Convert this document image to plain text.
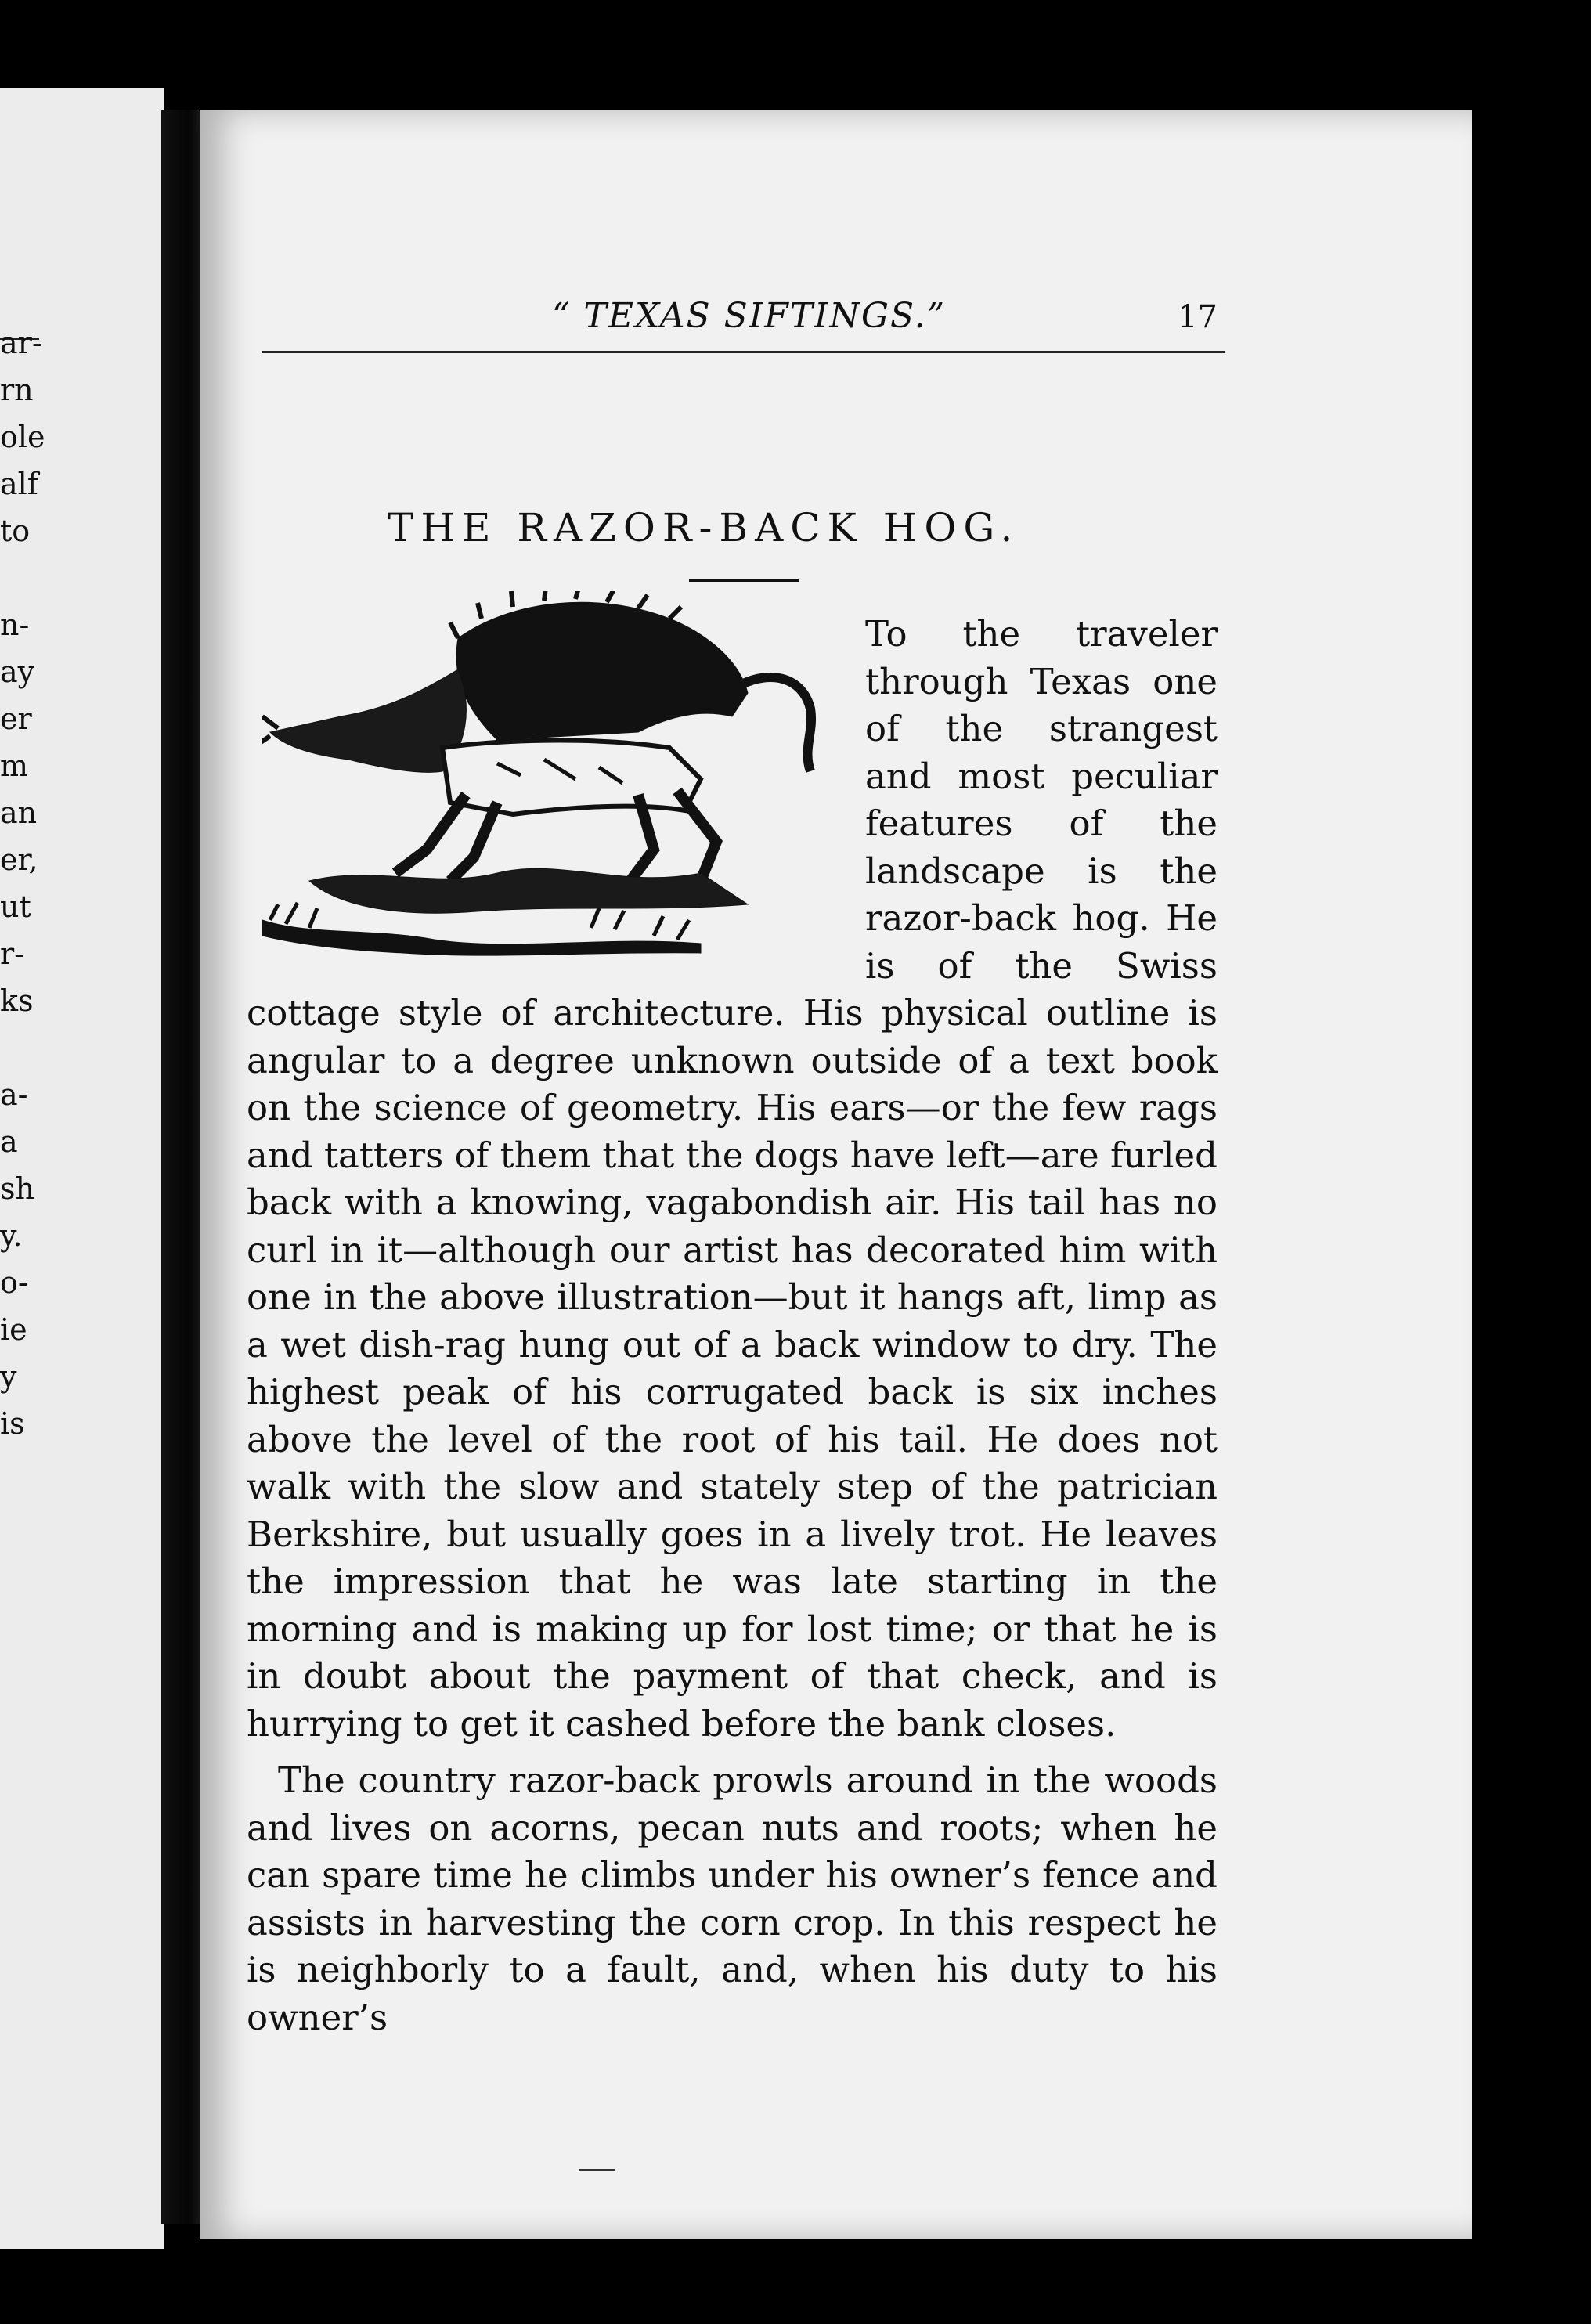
ar-
rn
ole
alf
to
n-
ay
er
m
an
er,
ut
r-
ks
a-
a
sh
y.
o-
ie
y
is
“ TEXAS SIFTINGS.”	17
THE RAZOR-BACK HOG.

To the traveler through Texas one of the strangest and most peculiar features of the landscape is the razor-back hog. He is of the Swiss cottage style of architecture. His physical outline is angular to a degree unknown outside of a text book on the science of geometry. His ears—or the few rags and tatters of them that the dogs have left—are furled back with a knowing, vagabondish air. His tail has no curl in it—although our artist has decorated him with one in the above illustration—but it hangs aft, limp as a wet dish-rag hung out of a back window to dry. The highest peak of his corrugated back is six inches above the level of the root of his tail. He does not walk with the slow and stately step of the patrician Berkshire, but usually goes in a lively trot. He leaves the impression that he was late starting in the morning and is making up for lost time; or that he is in doubt about the payment of that check, and is hurrying to get it cashed before the bank closes.

The country razor-back prowls around in the woods and lives on acorns, pecan nuts and roots; when he can spare time he climbs under his owner’s fence and assists in harvesting the corn crop. In this respect he is neighborly to a fault, and, when his duty to his owner’s
